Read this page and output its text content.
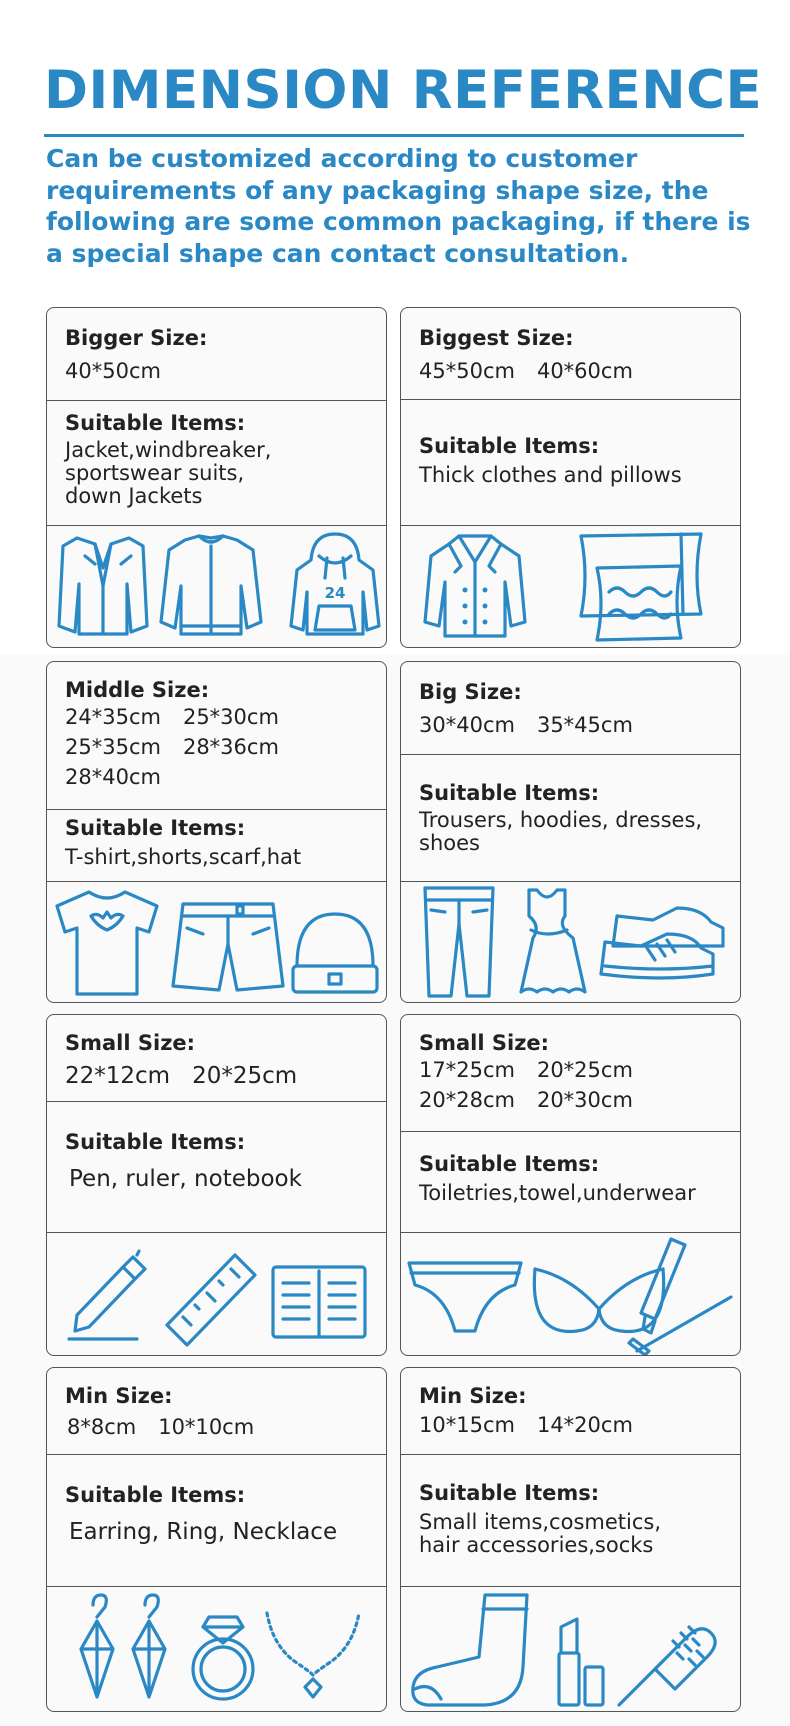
DIMENSION REFERENCE

Can be customized according to customer
requirements of any packaging shape size, the
following are some common packaging, if there is
a special shape can contact consultation.

Bigger Size:
40*50cm
Suitable Items:
Jacket,windbreaker,
sportswear suits,
down Jackets
24
Biggest Size:
45*50cm 40*60cm
Suitable Items:
Thick clothes and pillows
Middle Size:
24*35cm 25*30cm
25*35cm 28*36cm
28*40cm
Suitable Items:
T-shirt,shorts,scarf,hat
Big Size:
30*40cm 35*45cm
Suitable Items:
Trousers, hoodies, dresses,
shoes
Small Size:
22*12cm 20*25cm
Suitable Items:
Pen, ruler, notebook
Small Size:
17*25cm 20*25cm
20*28cm 20*30cm
Suitable Items:
Toiletries,towel,underwear
Min Size:
8*8cm 10*10cm
Suitable Items:
Earring, Ring, Necklace
Min Size:
10*15cm 14*20cm
Suitable Items:
Small items,cosmetics,
hair accessories,socks
